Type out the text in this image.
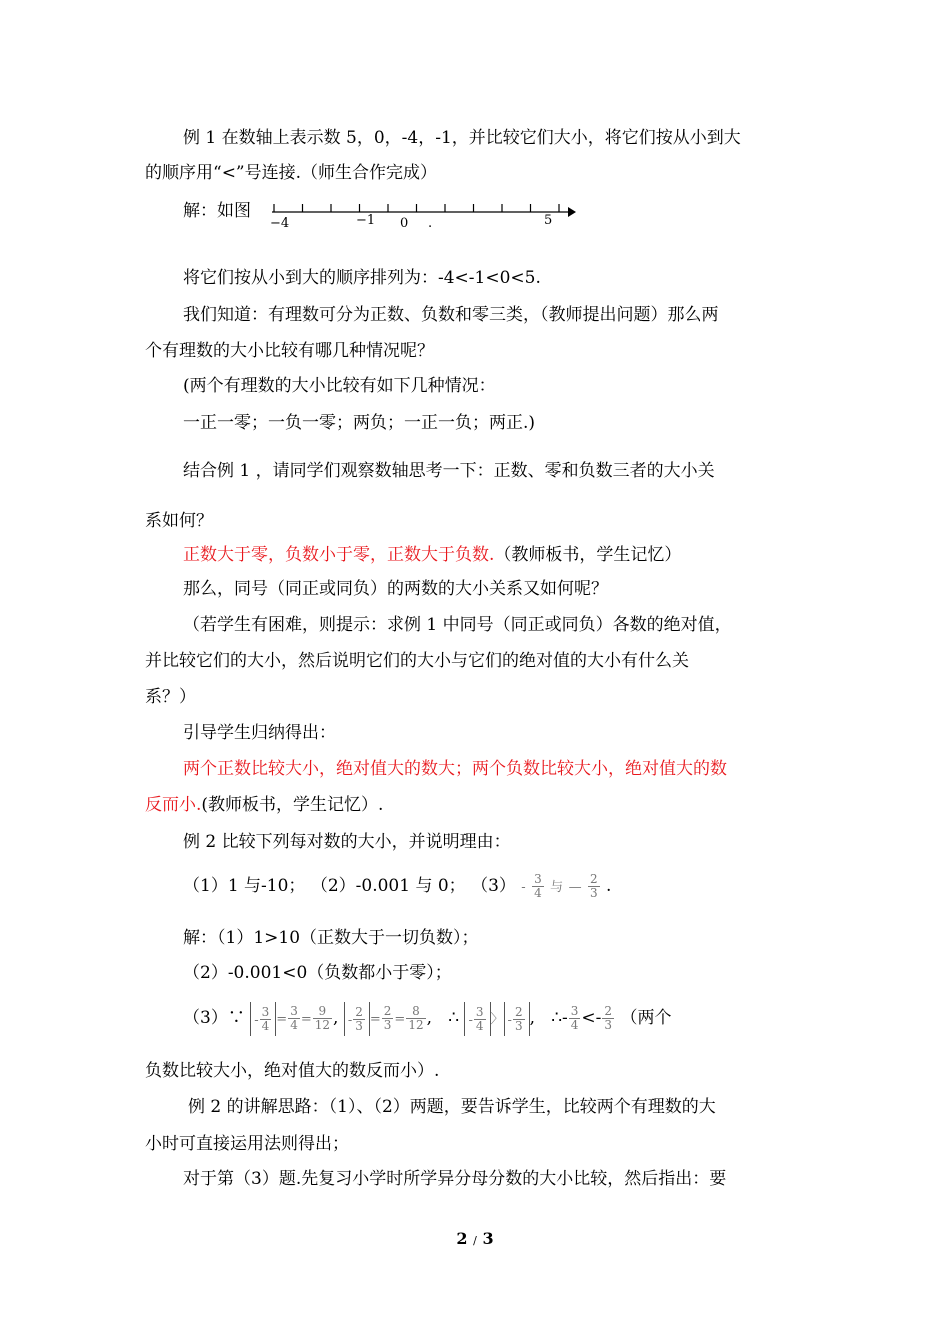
例 1 在数轴上表示数 5，0，-4，-1，并比较它们大小，将它们按从小到大
的顺序用“<”号连接.（师生合作完成）
解：如图
−4	−1 0 .	5
将它们按从小到大的顺序排列为：-4<-1<0<5.
我们知道：有理数可分为正数、负数和零三类，（教师提出问题）那么两
个有理数的大小比较有哪几种情况呢？
(两个有理数的大小比较有如下几种情况：
一正一零；一负一零；两负；一正一负；两正.)
结合例 1 ，请同学们观察数轴思考一下：正数、零和负数三者的大小关
系如何？
正数大于零，负数小于零，正数大于负数.（教师板书，学生记忆）
那么，同号（同正或同负）的两数的大小关系又如何呢？
（若学生有困难，则提示：求例 1 中同号（同正或同负）各数的绝对值，
并比较它们的大小，然后说明它们的大小与它们的绝对值的大小有什么关
系？）
引导学生归纳得出：
两个正数比较大小，绝对值大的数大；两个负数比较大小，绝对值大的数
反而小.(教师板书，学生记忆）.
例 2 比较下列每对数的大小，并说明理由：
（1）1 与-10； （2）-0.001 与 0； $(3) - \frac{3}{4}$ 与 — $\frac{2}{3}$ .
解：（1）1>10（正数大于一切负数）；
（2）-0.001<0（负数都小于零）；
（3）∵ - $\frac{3}{4} = \frac{3}{4} = \frac{9}{12}$ , - $\frac{2}{3} = \frac{2}{3} = \frac{8}{12}$ , ∴ - $\frac{3}{4}$ 〉 - $\frac{2}{3}$ , ∴- $\frac{3}{4} <- \frac{2}{3}$ （两个
负数比较大小，绝对值大的数反而小）.
例 2 的讲解思路：（1）、（2）两题，要告诉学生，比较两个有理数的大
小时可直接运用法则得出；
对于第（3）题.先复习小学时所学异分母分数的大小比较，然后指出：要
2 / 3
